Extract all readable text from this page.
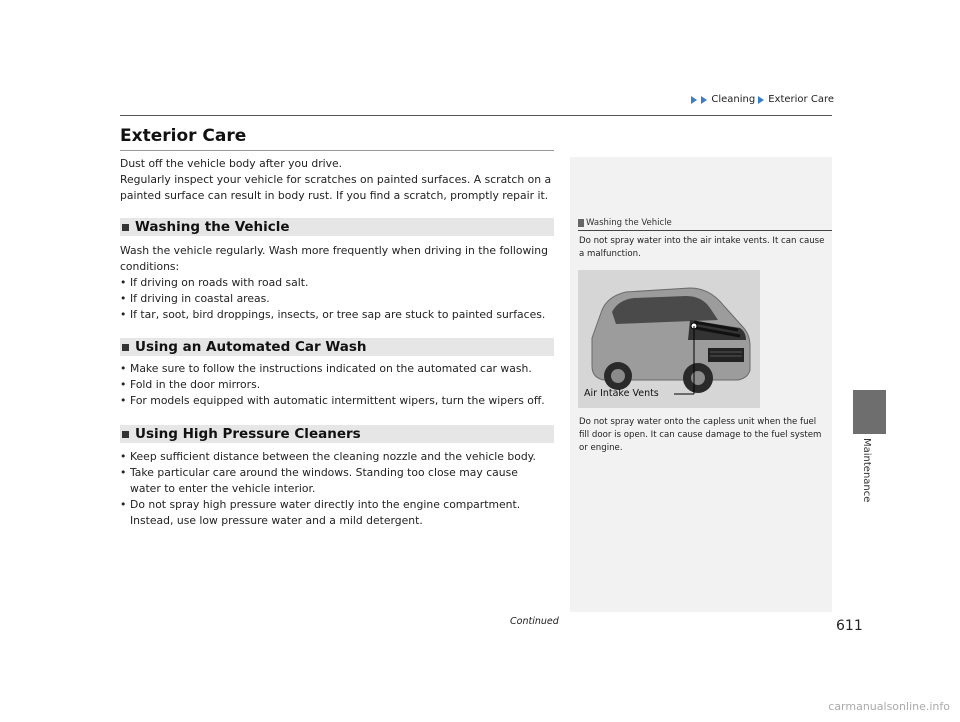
Cleaning Exterior Care
Exterior Care
Dust off the vehicle body after you drive.
Regularly inspect your vehicle for scratches on painted surfaces. A scratch on a painted surface can result in body rust. If you find a scratch, promptly repair it.
Washing the Vehicle
Wash the vehicle regularly. Wash more frequently when driving in the following conditions:
• If driving on roads with road salt.
• If driving in coastal areas.
• If tar, soot, bird droppings, insects, or tree sap are stuck to painted surfaces.
Using an Automated Car Wash
• Make sure to follow the instructions indicated on the automated car wash.
• Fold in the door mirrors.
• For models equipped with automatic intermittent wipers, turn the wipers off.
Using High Pressure Cleaners
• Keep sufficient distance between the cleaning nozzle and the vehicle body.
• Take particular care around the windows. Standing too close may cause water to enter the vehicle interior.
• Do not spray high pressure water directly into the engine compartment. Instead, use low pressure water and a mild detergent.
Washing the Vehicle
Do not spray water into the air intake vents. It can cause a malfunction.
Air Intake Vents
Do not spray water onto the capless unit when the fuel fill door is open. It can cause damage to the fuel system or engine.	Maintenance
Continued	611
carmanualsonline.info
